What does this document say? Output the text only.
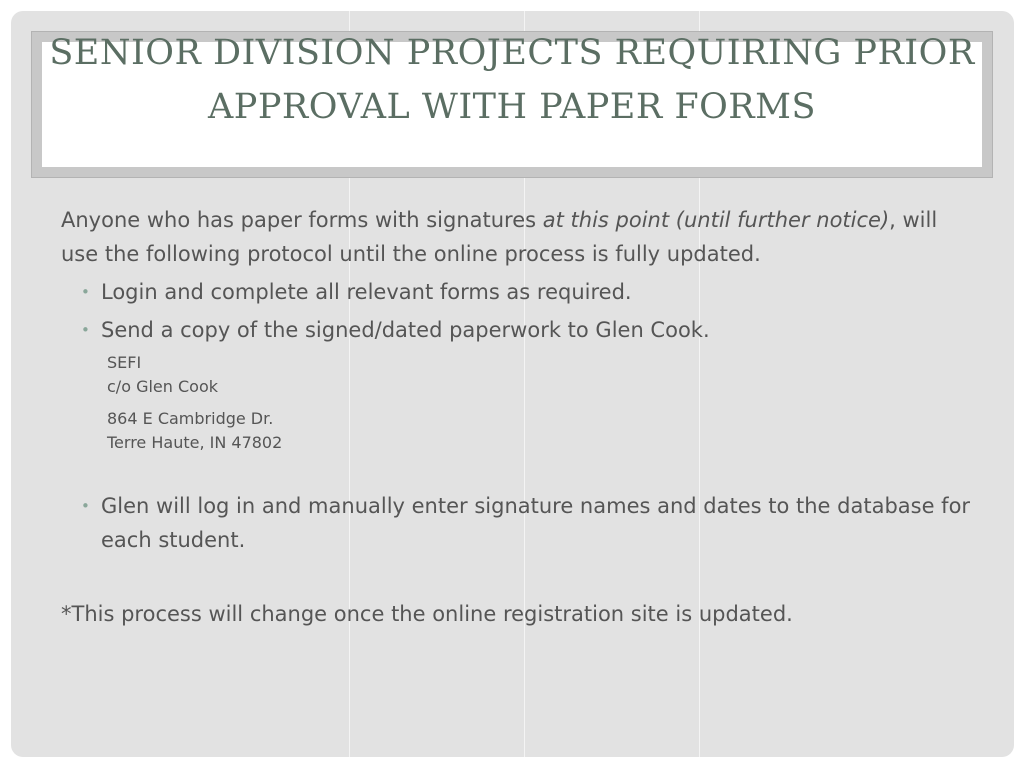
SENIOR DIVISION PROJECTS REQUIRING PRIOR APPROVAL WITH PAPER FORMS

Anyone who has paper forms with signatures at this point (until further notice), will use the following protocol until the online process is fully updated.

• Login and complete all relevant forms as required.
• Send a copy of the signed/dated paperwork to Glen Cook.
SEFI
c/o Glen Cook
864 E Cambridge Dr.
Terre Haute, IN 47802
• Glen will log in and manually enter signature names and dates to the database for each student.

*This process will change once the online registration site is updated.
